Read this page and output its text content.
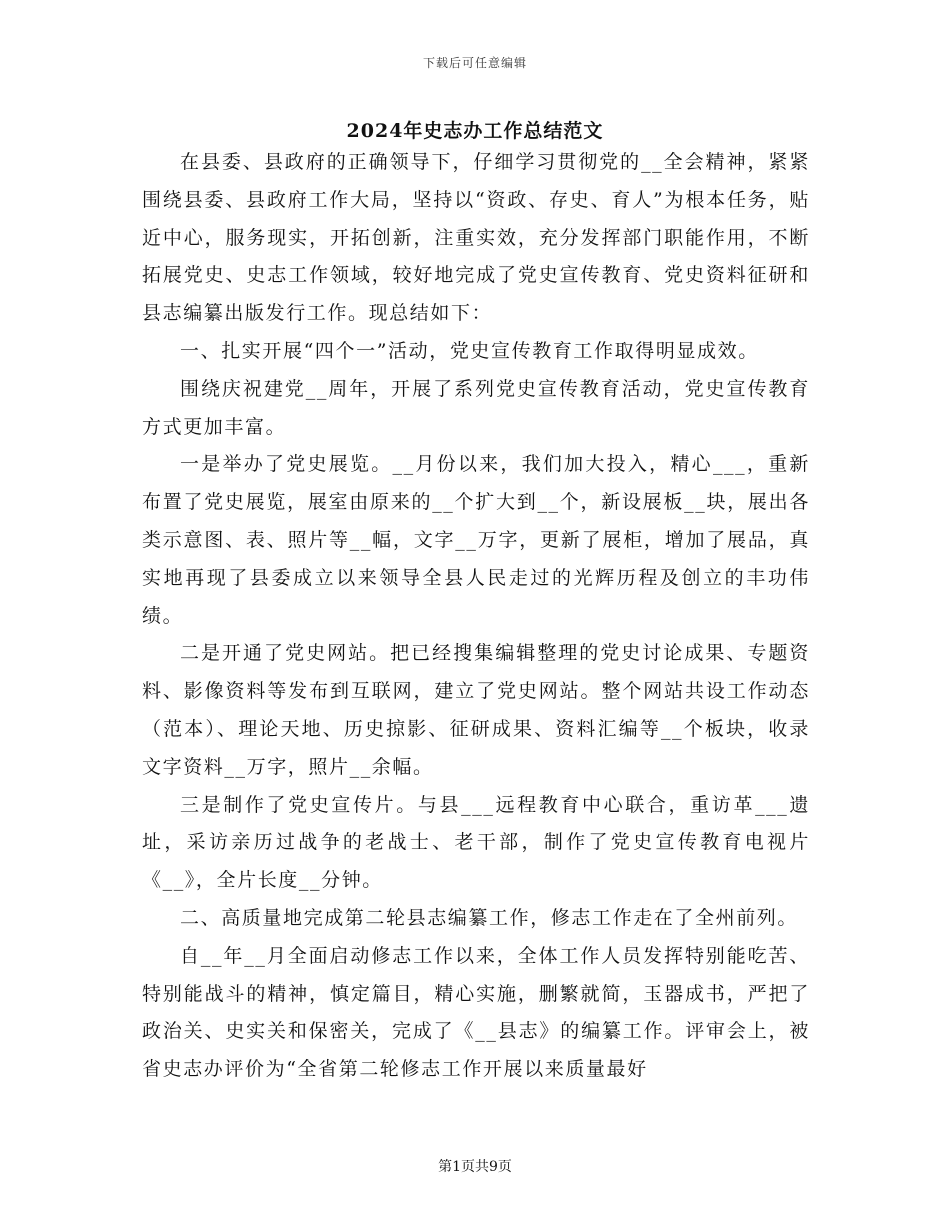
下载后可任意编辑
2024年史志办工作总结范文

在县委、县政府的正确领导下，仔细学习贯彻党的__全会精神，紧紧围绕县委、县政府工作大局，坚持以“资政、存史、育人”为根本任务，贴近中心，服务现实，开拓创新，注重实效，充分发挥部门职能作用，不断拓展党史、史志工作领域，较好地完成了党史宣传教育、党史资料征研和县志编纂出版发行工作。现总结如下：

一、扎实开展“四个一”活动，党史宣传教育工作取得明显成效。

围绕庆祝建党__周年，开展了系列党史宣传教育活动，党史宣传教育方式更加丰富。

一是举办了党史展览。__月份以来，我们加大投入，精心___，重新布置了党史展览，展室由原来的__个扩大到__个，新设展板__块，展出各类示意图、表、照片等__幅，文字__万字，更新了展柜，增加了展品，真实地再现了县委成立以来领导全县人民走过的光辉历程及创立的丰功伟绩。

二是开通了党史网站。把已经搜集编辑整理的党史讨论成果、专题资料、影像资料等发布到互联网，建立了党史网站。整个网站共设工作动态（范本）、理论天地、历史掠影、征研成果、资料汇编等__个板块，收录文字资料__万字，照片__余幅。

三是制作了党史宣传片。与县___远程教育中心联合，重访革___遗址，采访亲历过战争的老战士、老干部，制作了党史宣传教育电视片《__》，全片长度__分钟。

二、高质量地完成第二轮县志编纂工作，修志工作走在了全州前列。

自__年__月全面启动修志工作以来，全体工作人员发挥特别能吃苦、特别能战斗的精神，慎定篇目，精心实施，删繁就简，玉器成书，严把了政治关、史实关和保密关，完成了《__县志》的编纂工作。评审会上，被省史志办评价为“全省第二轮修志工作开展以来质量最好

第1页共9页
